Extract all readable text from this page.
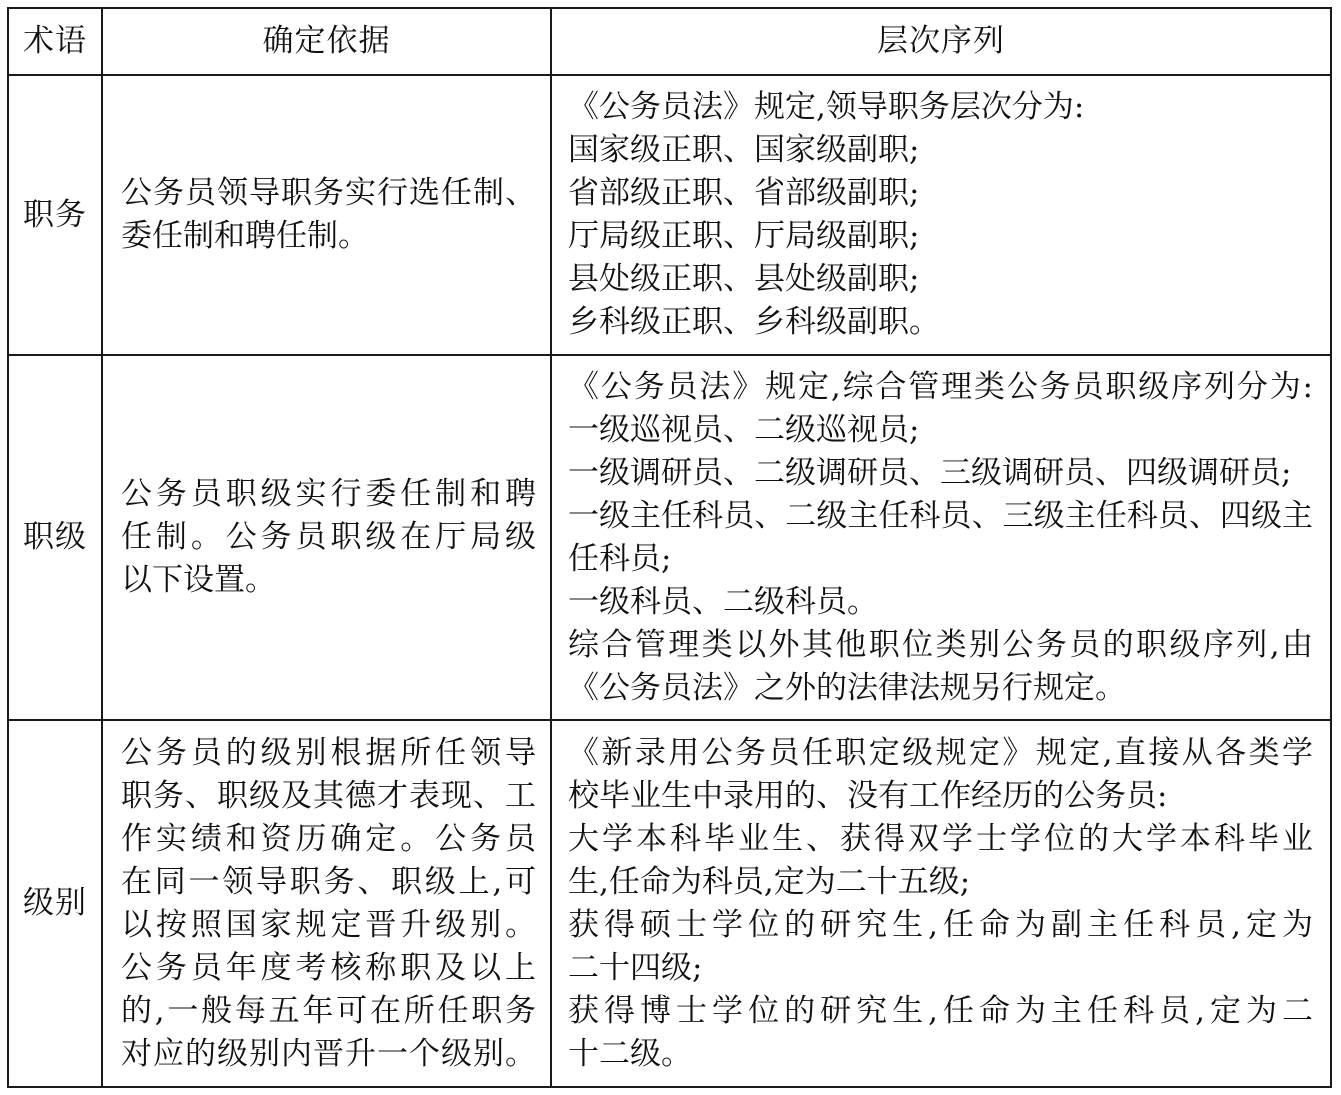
术语	确定依据	层次序列
职务
公务员领导职务实行选任制、
委任制和聘任制。
《公务员法》规定,领导职务层次分为:
国家级正职、国家级副职;
省部级正职、省部级副职;
厅局级正职、厅局级副职;
县处级正职、县处级副职;
乡科级正职、乡科级副职。
职级
公务员职级实行委任制和聘
任制。公务员职级在厅局级
以下设置。
《公务员法》规定,综合管理类公务员职级序列分为:
一级巡视员、二级巡视员;
一级调研员、二级调研员、三级调研员、四级调研员;
一级主任科员、二级主任科员、三级主任科员、四级主
任科员;
一级科员、二级科员。
综合管理类以外其他职位类别公务员的职级序列,由
《公务员法》之外的法律法规另行规定。
级别
公务员的级别根据所任领导
职务、职级及其德才表现、工
作实绩和资历确定。公务员
在同一领导职务、职级上,可
以按照国家规定晋升级别。
公务员年度考核称职及以上
的,一般每五年可在所任职务
对应的级别内晋升一个级别。
《新录用公务员任职定级规定》规定,直接从各类学
校毕业生中录用的、没有工作经历的公务员:
大学本科毕业生、获得双学士学位的大学本科毕业
生,任命为科员,定为二十五级;
获得硕士学位的研究生,任命为副主任科员,定为
二十四级;
获得博士学位的研究生,任命为主任科员,定为二
十二级。
